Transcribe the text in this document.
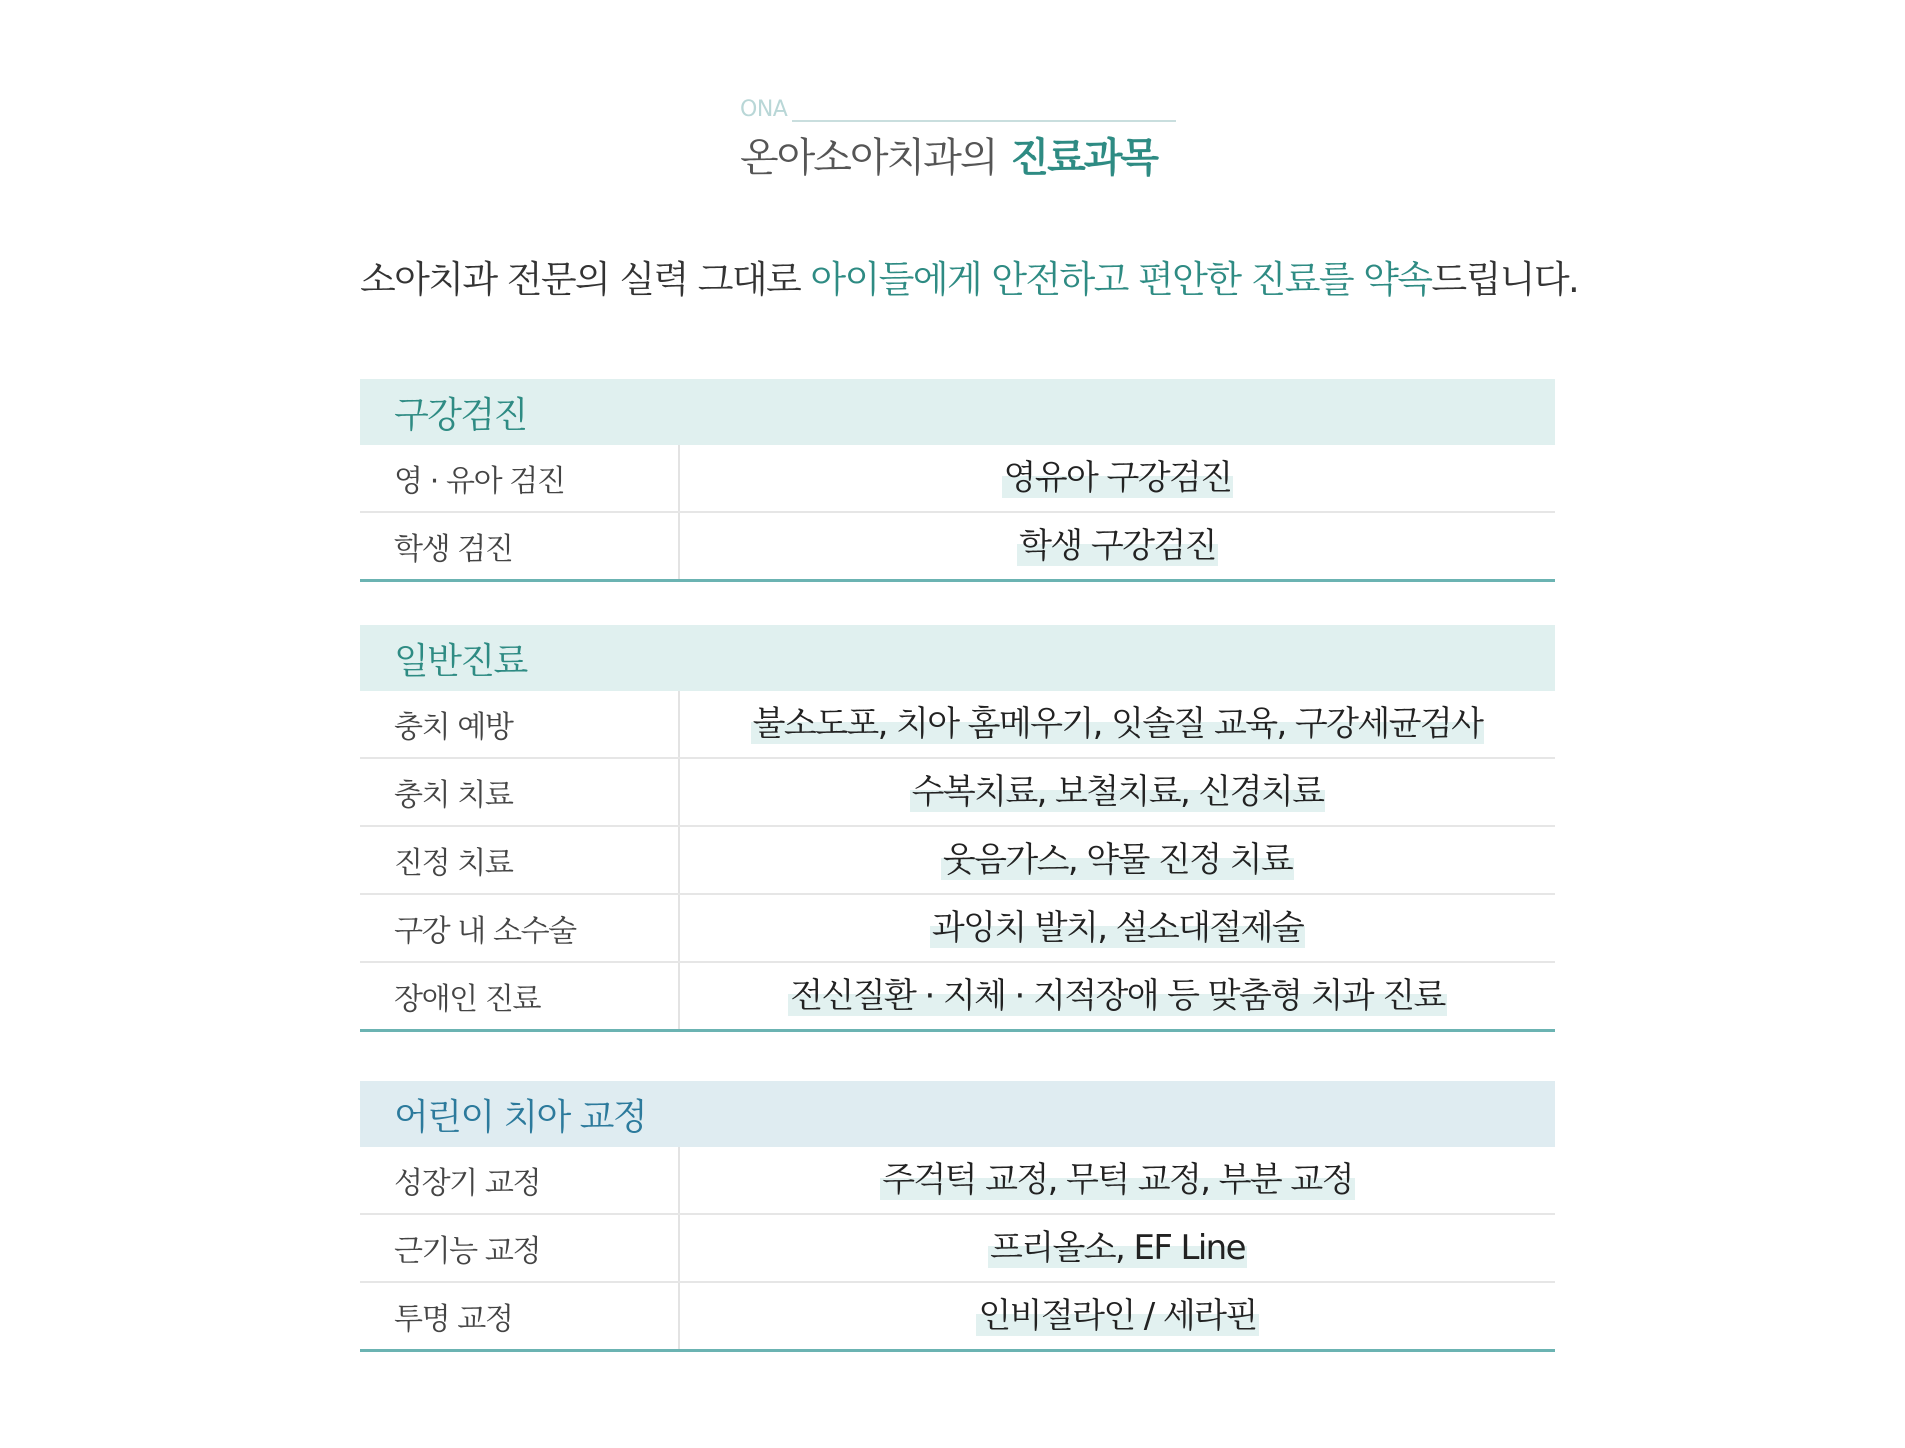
ONA
온아소아치과의 진료과목
소아치과 전문의 실력 그대로 아이들에게 안전하고 편안한 진료를 약속드립니다.
구강검진
영 · 유아 검진	영유아 구강검진
학생 검진	학생 구강검진
일반진료
충치 예방	불소도포, 치아 홈메우기, 잇솔질 교육, 구강세균검사
충치 치료	수복치료, 보철치료, 신경치료
진정 치료	웃음가스, 약물 진정 치료
구강 내 소수술	과잉치 발치, 설소대절제술
장애인 진료	전신질환 · 지체 · 지적장애 등 맞춤형 치과 진료
어린이 치아 교정
성장기 교정	주걱턱 교정, 무턱 교정, 부분 교정
근기능 교정	프리올소, EF Line
투명 교정	인비절라인 / 세라핀
